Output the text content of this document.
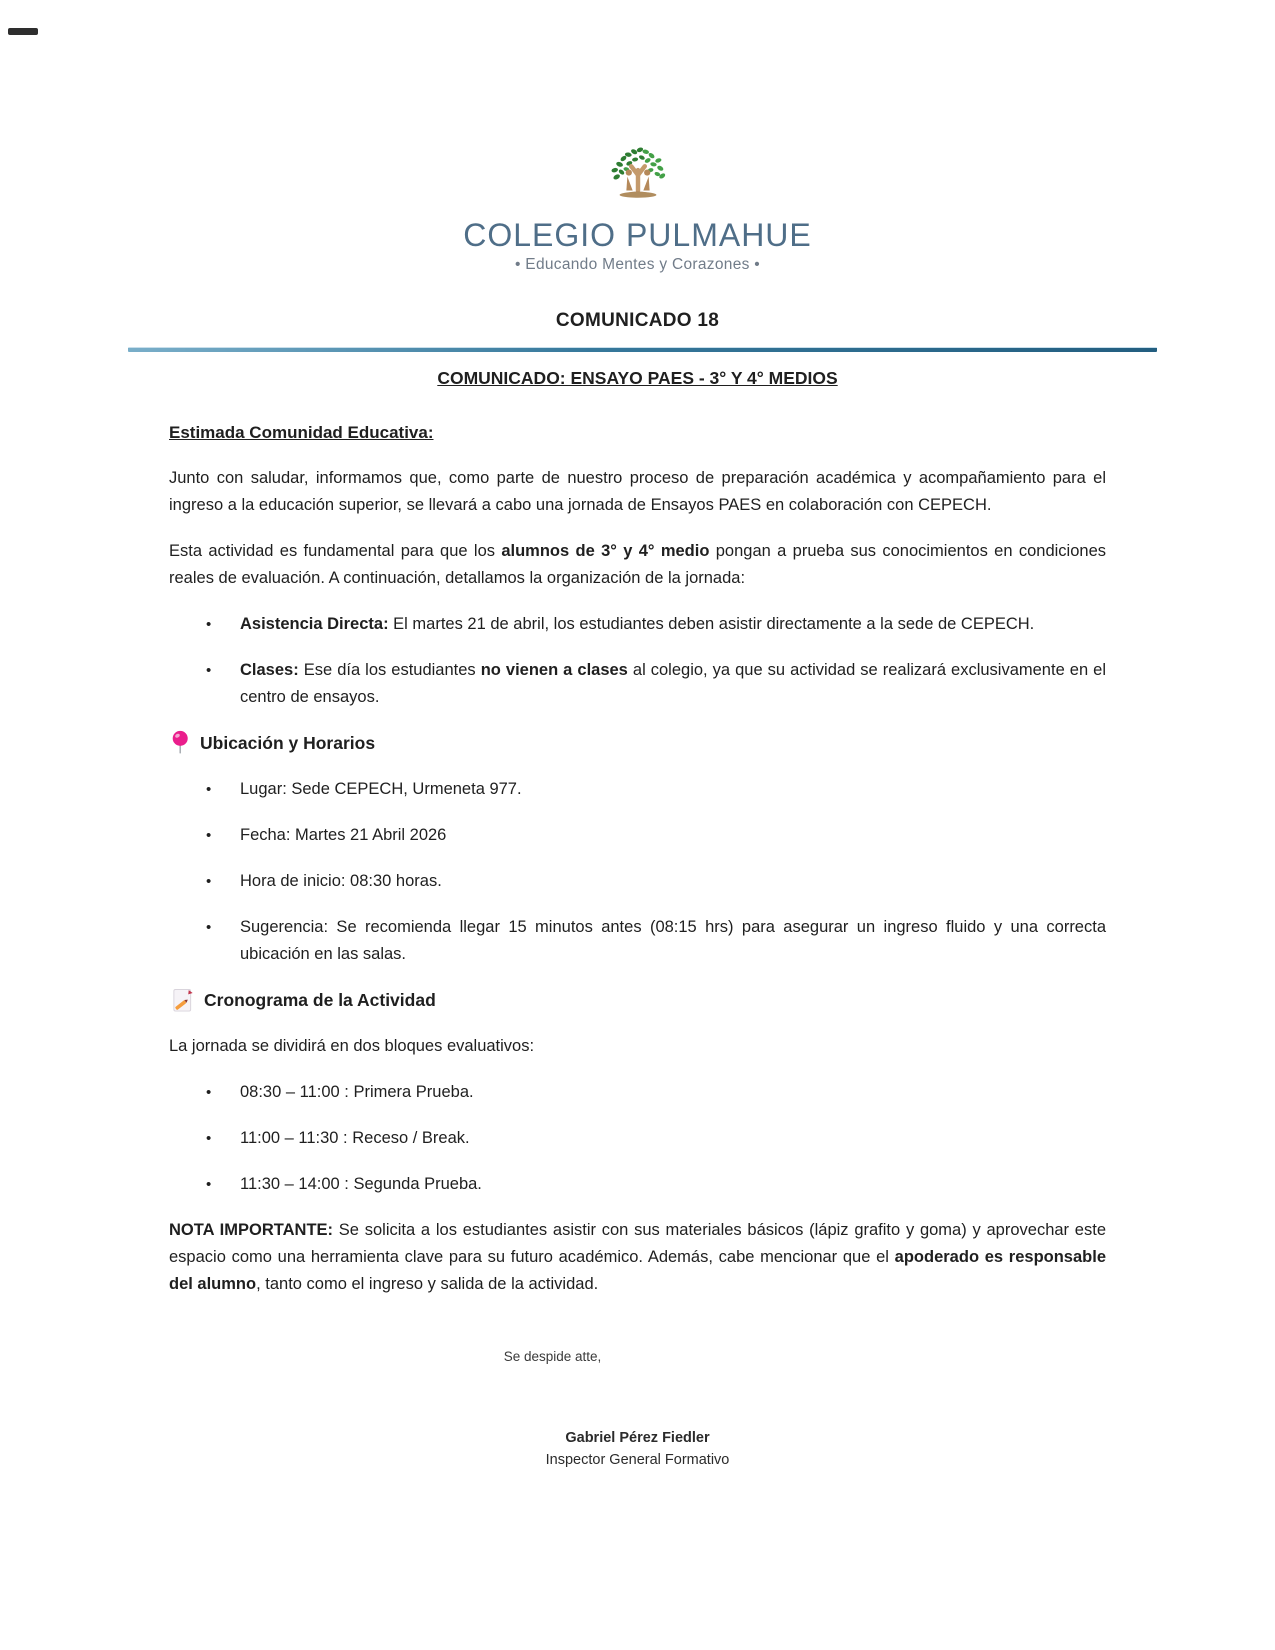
COLEGIO PULMAHUE
• Educando Mentes y Corazones •
COMUNICADO 18
COMUNICADO: ENSAYO PAES - 3° Y 4° MEDIOS
Estimada Comunidad Educativa:

Junto con saludar, informamos que, como parte de nuestro proceso de preparación académica y acompañamiento para el ingreso a la educación superior, se llevará a cabo una jornada de Ensayos PAES en colaboración con CEPECH.

Esta actividad es fundamental para que los alumnos de 3° y 4° medio pongan a prueba sus conocimientos en condiciones reales de evaluación. A continuación, detallamos la organización de la jornada:

• Asistencia Directa: El martes 21 de abril, los estudiantes deben asistir directamente a la sede de CEPECH.
• Clases: Ese día los estudiantes no vienen a clases al colegio, ya que su actividad se realizará exclusivamente en el centro de ensayos.
Ubicación y Horarios
• Lugar: Sede CEPECH, Urmeneta 977.
• Fecha: Martes 21 Abril 2026
• Hora de inicio: 08:30 horas.
• Sugerencia: Se recomienda llegar 15 minutos antes (08:15 hrs) para asegurar un ingreso fluido y una correcta ubicación en las salas.
Cronograma de la Actividad

La jornada se dividirá en dos bloques evaluativos:

• 08:30 – 11:00 : Primera Prueba.
• 11:00 – 11:30 : Receso / Break.
• 11:30 – 14:00 : Segunda Prueba.

NOTA IMPORTANTE: Se solicita a los estudiantes asistir con sus materiales básicos (lápiz grafito y goma) y aprovechar este espacio como una herramienta clave para su futuro académico. Además, cabe mencionar que el apoderado es responsable del alumno, tanto como el ingreso y salida de la actividad.

Se despide atte,

Gabriel Pérez Fiedler
Inspector General Formativo
